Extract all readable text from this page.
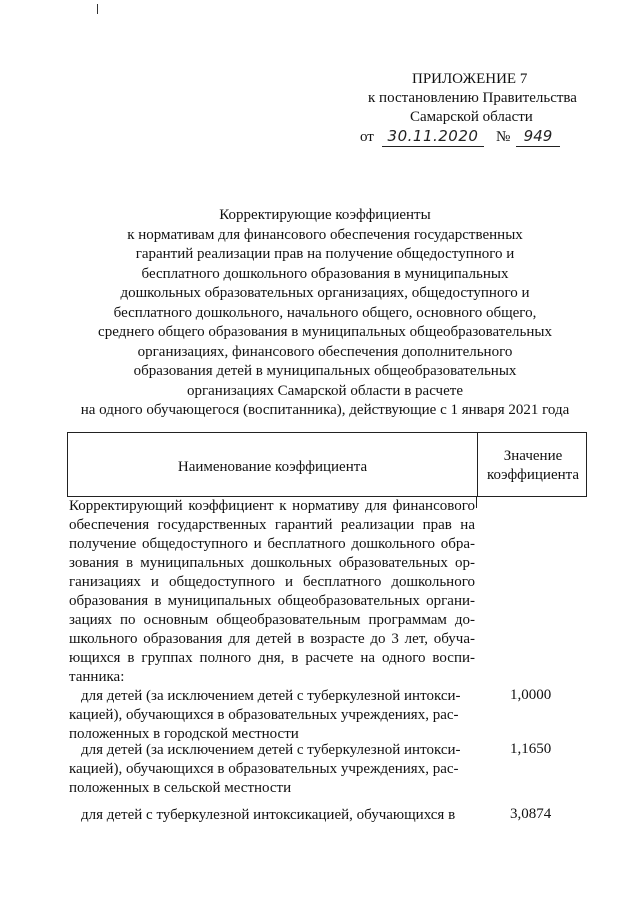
ПРИЛОЖЕНИЕ 7
к постановлению Правительства
Самарской области
от 30.11.2020	№ 949
Корректирующие коэффициенты
к нормативам для финансового обеспечения государственных
гарантий реализации прав на получение общедоступного и
бесплатного дошкольного образования в муниципальных
дошкольных образовательных организациях, общедоступного и
бесплатного дошкольного, начального общего, основного общего,
среднего общего образования в муниципальных общеобразовательных
организациях, финансового обеспечения дополнительного
образования детей в муниципальных общеобразовательных
организациях Самарской области в расчете
на одного обучающегося (воспитанника), действующие с 1 января 2021 года
Наименование коэффициента
Значение
коэффициента
Корректирующий коэффициент к нормативу для финансового
обеспечения государственных гарантий реализации прав на
получение общедоступного и бесплатного дошкольного обра-
зования в муниципальных дошкольных образовательных ор-
ганизациях и общедоступного и бесплатного дошкольного
образования в муниципальных общеобразовательных органи-
зациях по основным общеобразовательным программам до-
школьного образования для детей в возрасте до 3 лет, обуча-
ющихся в группах полного дня, в расчете на одного воспи-
танника:
для детей (за исключением детей с туберкулезной интокси-
кацией), обучающихся в образовательных учреждениях, рас-
положенных в городской местности
1,0000
для детей (за исключением детей с туберкулезной интокси-
кацией), обучающихся в образовательных учреждениях, рас-
положенных в сельской местности
1,1650
для детей с туберкулезной интоксикацией, обучающихся в	3,0874
